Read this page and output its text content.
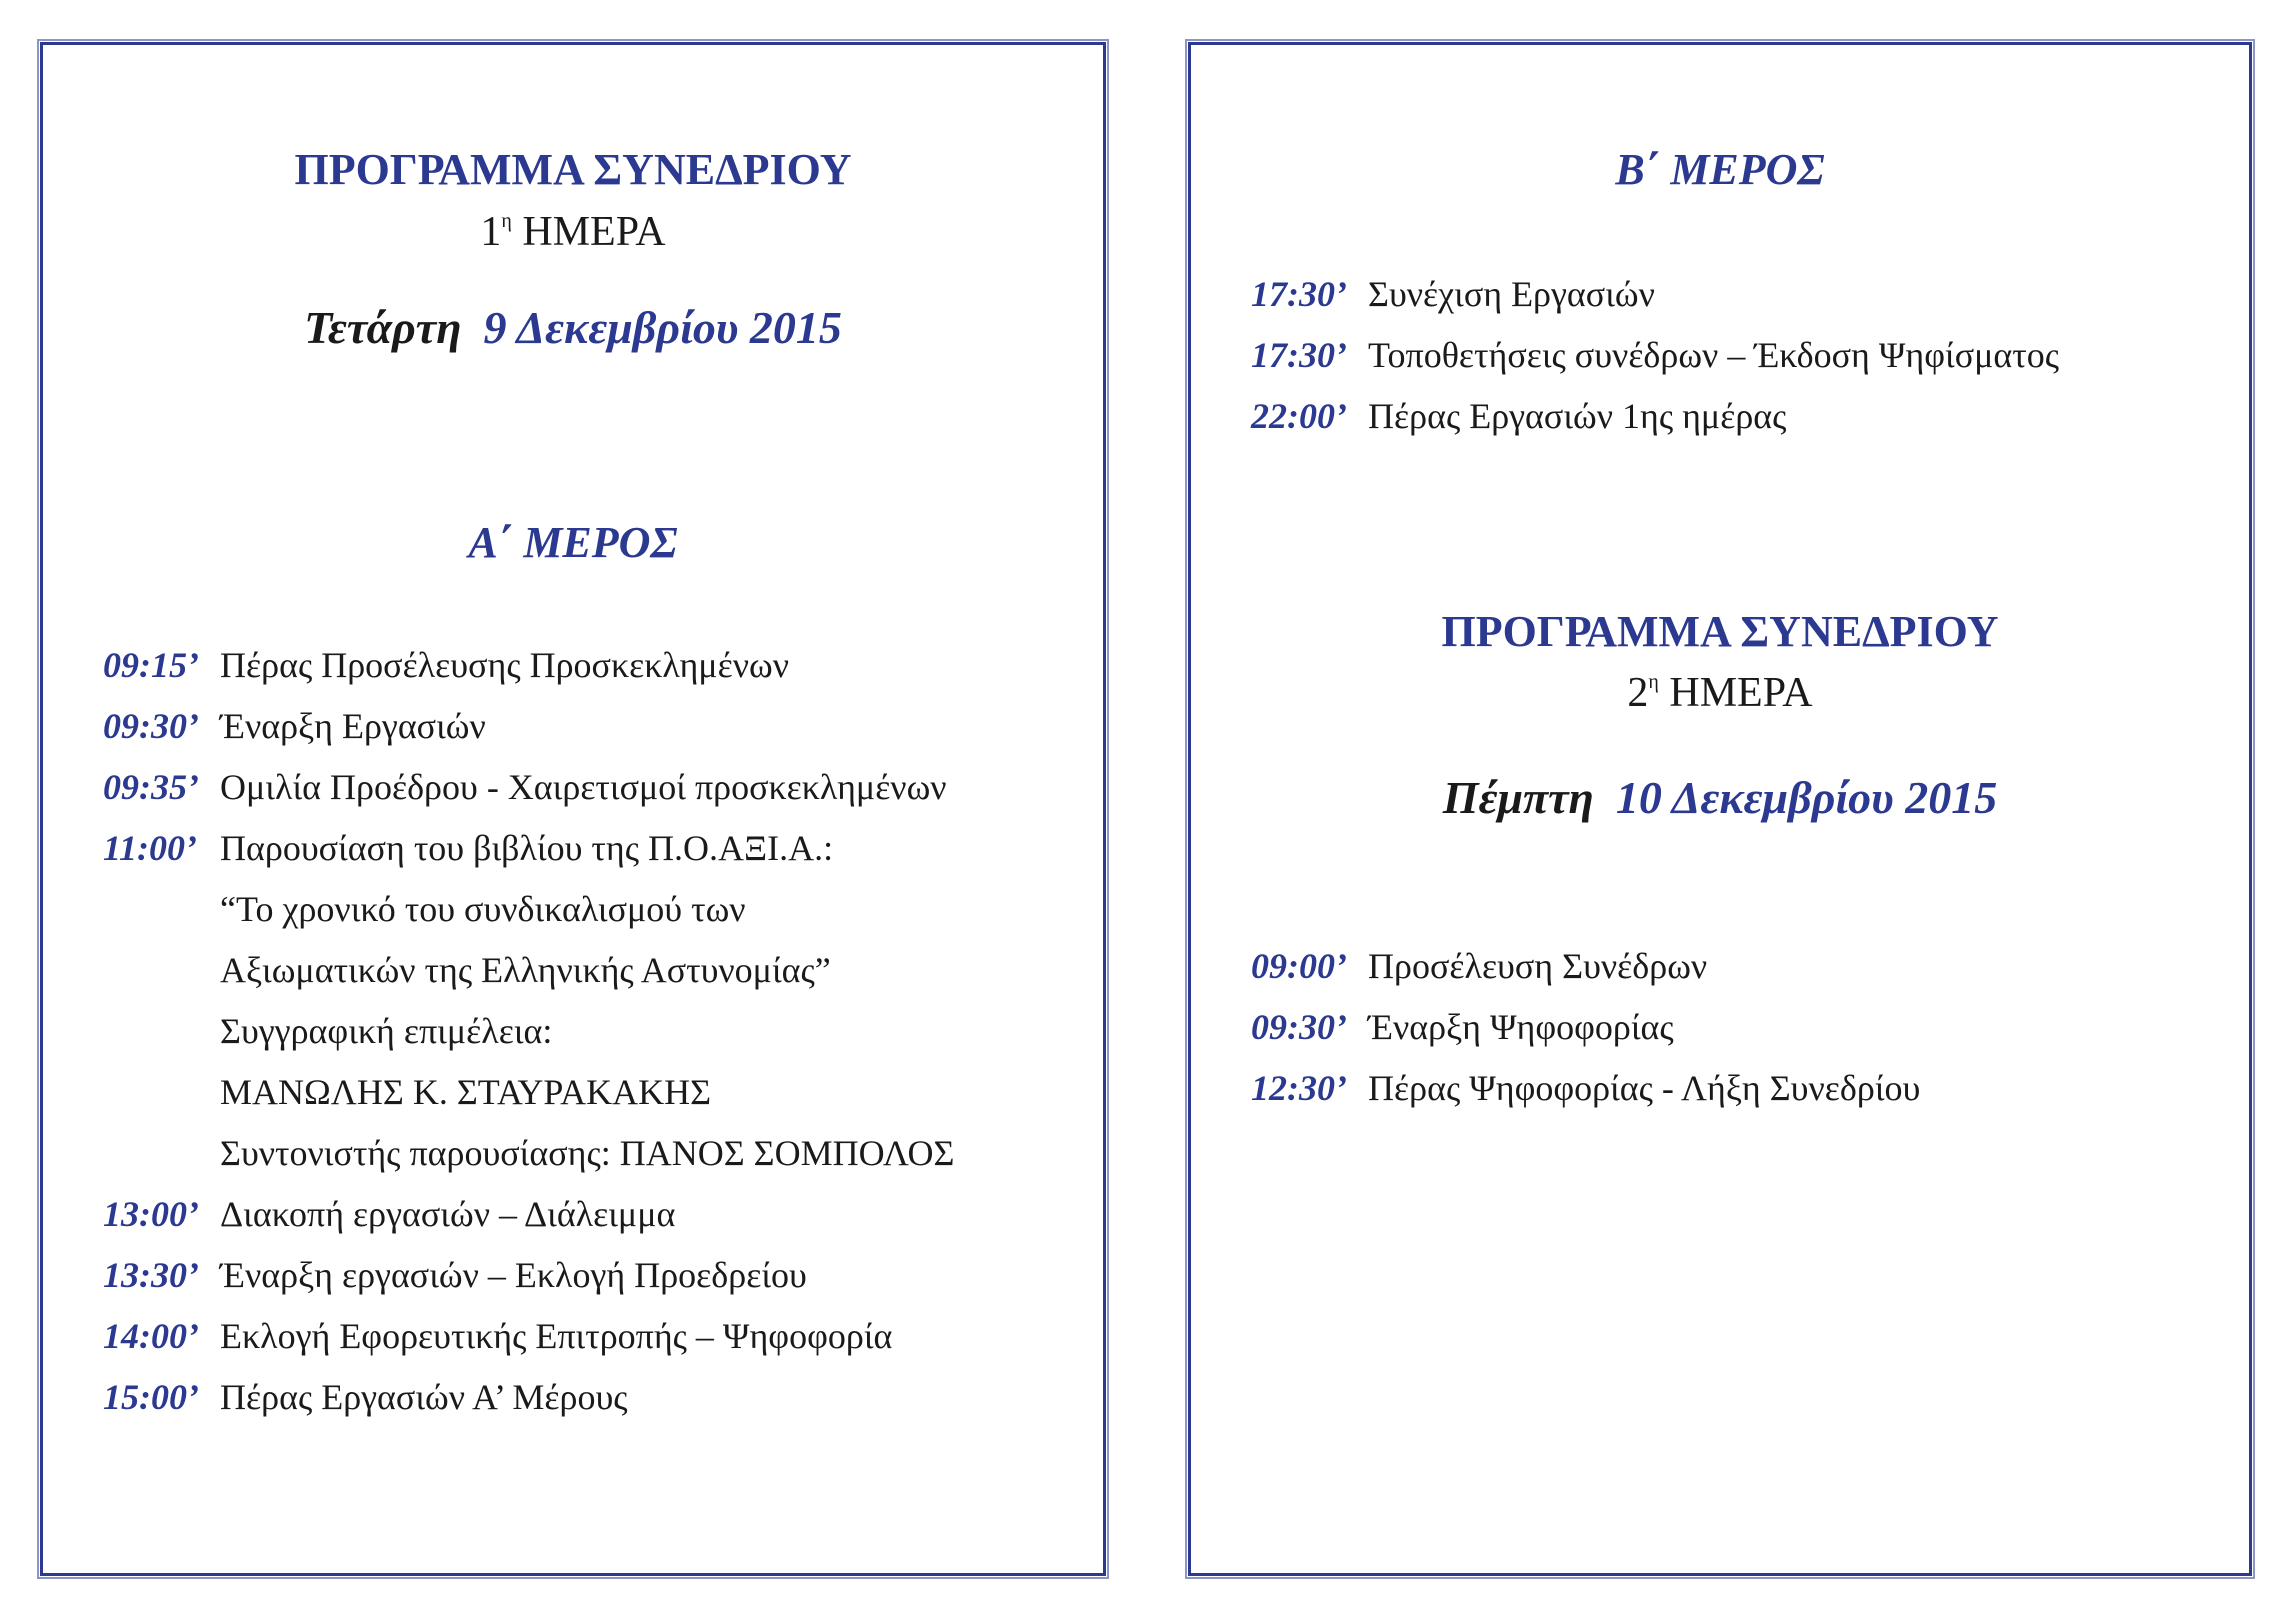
ΠΡΟΓΡΑΜΜΑ ΣΥΝΕΔΡΙΟΥ
$1^\eta$ ΗΜΕΡΑ
Τετάρτη 9 Δεκεμβρίου 2015
Α΄ ΜΕΡΟΣ
09:15’ Πέρας Προσέλευσης Προσκεκλημένων
09:30’ Έναρξη Εργασιών
09:35’ Ομιλία Προέδρου - Χαιρετισμοί προσκεκλημένων
11:00’ Παρουσίαση του βιβλίου της Π.Ο.ΑΞΙ.Α.:
“Το χρονικό του συνδικαλισμού των
Αξιωματικών της Ελληνικής Αστυνομίας”
Συγγραφική επιμέλεια:
ΜΑΝΩΛΗΣ Κ. ΣΤΑΥΡΑΚΑΚΗΣ
Συντονιστής παρουσίασης: ΠΑΝΟΣ ΣΟΜΠΟΛΟΣ
13:00’ Διακοπή εργασιών – Διάλειμμα
13:30’ Έναρξη εργασιών – Εκλογή Προεδρείου
14:00’ Εκλογή Εφορευτικής Επιτροπής – Ψηφοφορία
15:00’ Πέρας Εργασιών Α’ Μέρους
Β΄ ΜΕΡΟΣ
17:30’ Συνέχιση Εργασιών
17:30’ Τοποθετήσεις συνέδρων – Έκδοση Ψηφίσματος
22:00’ Πέρας Εργασιών 1ης ημέρας
ΠΡΟΓΡΑΜΜΑ ΣΥΝΕΔΡΙΟΥ
$2^\eta$ ΗΜΕΡΑ
Πέμπτη 10 Δεκεμβρίου 2015
09:00’ Προσέλευση Συνέδρων
09:30’ Έναρξη Ψηφοφορίας
12:30’ Πέρας Ψηφοφορίας - Λήξη Συνεδρίου
